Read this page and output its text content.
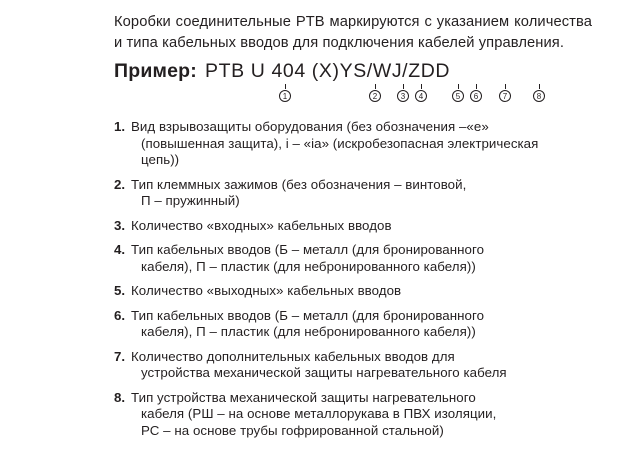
Коробки соединительные PTB маркируются с указанием количества и типа кабельных вводов для подключения кабелей управления.

Пример: PTB U 404 (X)YS/WJ/ZDD
1	2	3	4	5	6	7	8
1. Вид взрывозащиты оборудования (без обозначения –«е»
(повышенная защита), i – «ia» (искробезопасная электрическая
цепь))
2. Тип клеммных зажимов (без обозначения – винтовой,
П – пружинный)
3. Количество «входных» кабельных вводов
4. Тип кабельных вводов (Б – металл (для бронированного
кабеля), П – пластик (для небронированного кабеля))
5. Количество «выходных» кабельных вводов
6. Тип кабельных вводов (Б – металл (для бронированного
кабеля), П – пластик (для небронированного кабеля))
7. Количество дополнительных кабельных вводов для
устройства механической защиты нагревательного кабеля
8. Тип устройства механической защиты нагревательного
кабеля (РШ – на основе металлорукава в ПВХ изоляции,
РС – на основе трубы гофрированной стальной)
